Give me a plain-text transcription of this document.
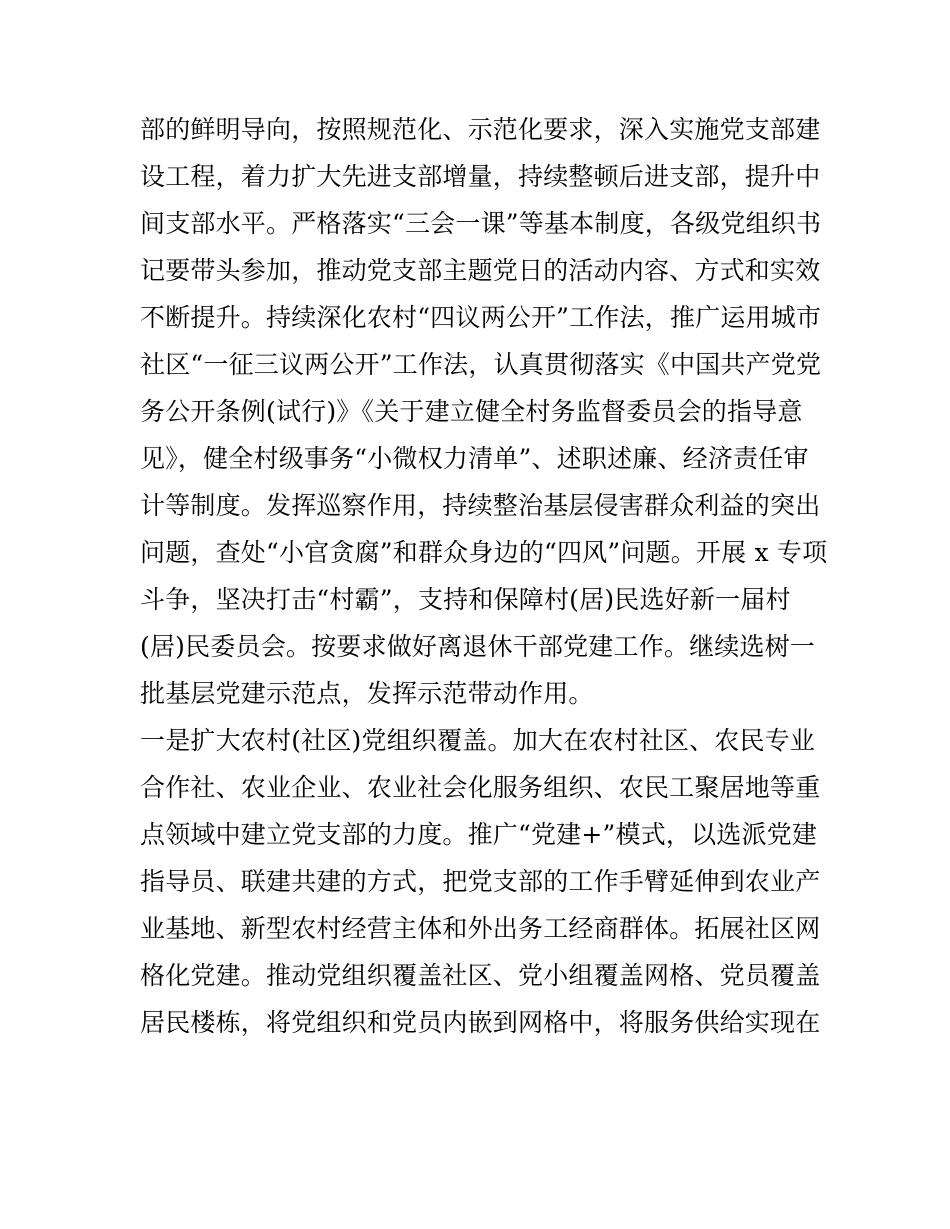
部的鲜明导向，按照规范化、示范化要求，深入实施党支部建
设工程，着力扩大先进支部增量，持续整顿后进支部，提升中
间支部水平。严格落实“三会一课”等基本制度，各级党组织书
记要带头参加，推动党支部主题党日的活动内容、方式和实效
不断提升。持续深化农村“四议两公开”工作法，推广运用城市
社区“一征三议两公开”工作法，认真贯彻落实《中国共产党党
务公开条例(试行)》《关于建立健全村务监督委员会的指导意
见》，健全村级事务“小微权力清单”、述职述廉、经济责任审
计等制度。发挥巡察作用，持续整治基层侵害群众利益的突出
问题，查处“小官贪腐”和群众身边的“四风”问题。开展 x 专项
斗争，坚决打击“村霸”，支持和保障村(居)民选好新一届村
(居)民委员会。按要求做好离退休干部党建工作。继续选树一
批基层党建示范点，发挥示范带动作用。
一是扩大农村(社区)党组织覆盖。加大在农村社区、农民专业
合作社、农业企业、农业社会化服务组织、农民工聚居地等重
点领域中建立党支部的力度。推广“党建+”模式，以选派党建
指导员、联建共建的方式，把党支部的工作手臂延伸到农业产
业基地、新型农村经营主体和外出务工经商群体。拓展社区网
格化党建。推动党组织覆盖社区、党小组覆盖网格、党员覆盖
居民楼栋，将党组织和党员内嵌到网格中，将服务供给实现在
